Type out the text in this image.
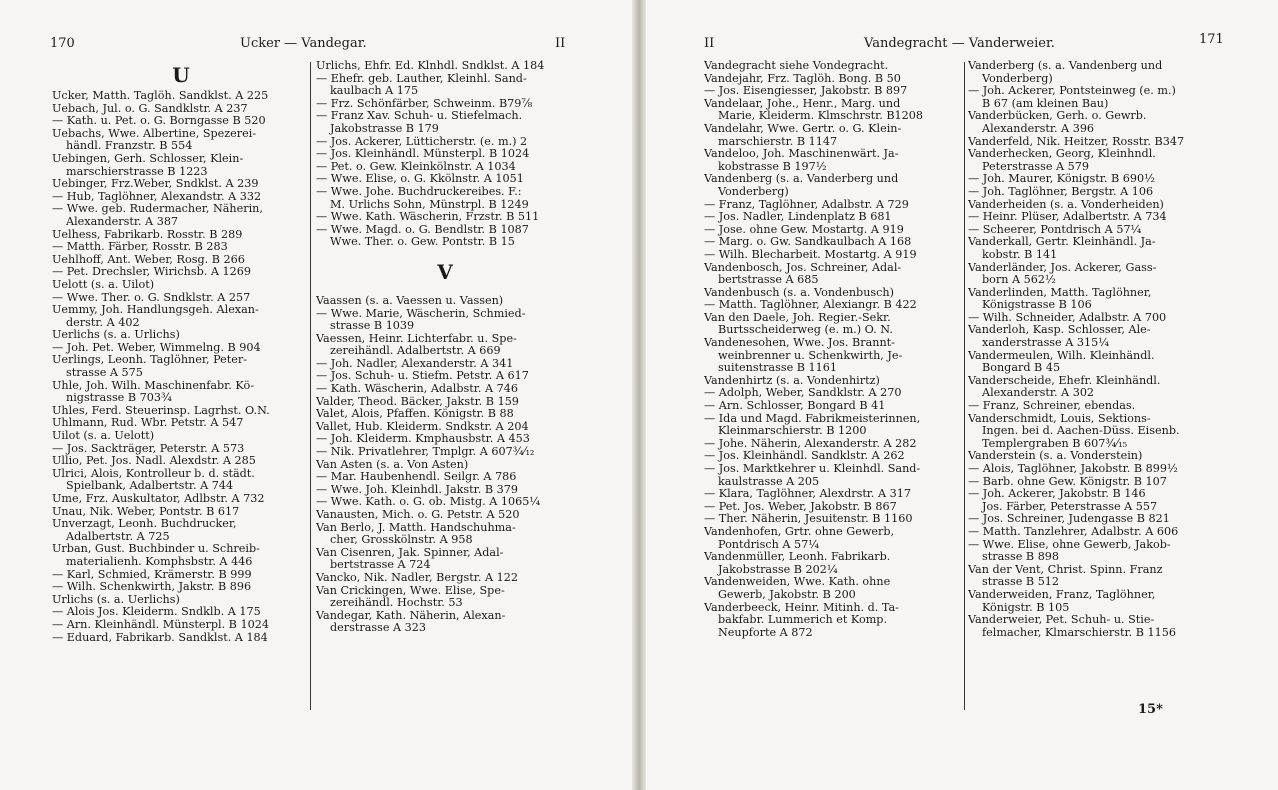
170	Ucker — Vandegar.	II
U
Ucker, Matth. Taglöh. Sandklst. A 225
Uebach, Jul. o. G. Sandklstr. A 237
— Kath. u. Pet. o. G. Borngasse B 520
Uebachs, Wwe. Albertine, Spezerei-
händl. Franzstr. B 554
Uebingen, Gerh. Schlosser, Klein-
marschierstrasse B 1223
Uebinger, Frz.Weber, Sndklst. A 239
— Hub, Taglöhner, Alexandstr. A 332
— Wwe. geb. Rudermacher, Näherin,
Alexanderstr. A 387
Uelhess, Fabrikarb. Rosstr. B 289
— Matth. Färber, Rosstr. B 283
Uehlhoff, Ant. Weber, Rosg. B 266
— Pet. Drechsler, Wirichsb. A 1269
Uelott (s. a. Uilot)
— Wwe. Ther. o. G. Sndklstr. A 257
Uemmy, Joh. Handlungsgeh. Alexan-
derstr. A 402
Uerlichs (s. a. Urlichs)
— Joh. Pet. Weber, Wimmelng. B 904
Uerlings, Leonh. Taglöhner, Peter-
strasse A 575
Uhle, Joh. Wilh. Maschinenfabr. Kö-
nigstrasse B 703¾
Uhles, Ferd. Steuerinsp. Lagrhst. O.N.
Uhlmann, Rud. Wbr. Petstr. A 547
Uilot (s. a. Uelott)
— Jos. Sackträger, Peterstr. A 573
Ullio, Pet. Jos. Nadl. Alexdstr. A 285
Ulrici, Alois, Kontrolleur b. d. städt.
Spielbank, Adalbertstr. A 744
Ume, Frz. Auskultator, Adlbstr. A 732
Unau, Nik. Weber, Pontstr. B 617
Unverzagt, Leonh. Buchdrucker,
Adalbertstr. A 725
Urban, Gust. Buchbinder u. Schreib-
materialienh. Komphsbstr. A 446
— Karl, Schmied, Krämerstr. B 999
— Wilh. Schenkwirth, Jakstr. B 896
Urlichs (s. a. Uerlichs)
— Alois Jos. Kleiderm. Sndklb. A 175
— Arn. Kleinhändl. Münsterpl. B 1024
— Eduard, Fabrikarb. Sandklst. A 184
Urlichs, Ehfr. Ed. Klnhdl. Sndklst. A 184
— Ehefr. geb. Lauther, Kleinhl. Sand-
kaulbach A 175
— Frz. Schönfärber, Schweinm. B79⅞
— Franz Xav. Schuh- u. Stiefelmach.
Jakobstrasse B 179
— Jos. Ackerer, Lütticherstr. (e. m.) 2
— Jos. Kleinhändl. Münsterpl. B 1024
— Pet. o. Gew. Kleinkölnstr. A 1034
— Wwe. Elise, o. G. Kkölnstr. A 1051
— Wwe. Johe. Buchdruckereibes. F.:
M. Urlichs Sohn, Münstrpl. B 1249
— Wwe. Kath. Wäscherin, Frzstr. B 511
— Wwe. Magd. o. G. Bendlstr. B 1087
Wwe. Ther. o. Gew. Pontstr. B 15
V
Vaassen (s. a. Vaessen u. Vassen)
— Wwe. Marie, Wäscherin, Schmied-
strasse B 1039
Vaessen, Heinr. Lichterfabr. u. Spe-
zereihändl. Adalbertstr. A 669
— Joh. Nadler, Alexanderstr. A 341
— Jos. Schuh- u. Stiefm. Petstr. A 617
— Kath. Wäscherin, Adalbstr. A 746
Valder, Theod. Bäcker, Jakstr. B 159
Valet, Alois, Pfaffen. Königstr. B 88
Vallet, Hub. Kleiderm. Sndkstr. A 204
— Joh. Kleiderm. Kmphausbstr. A 453
— Nik. Privatlehrer, Tmplgr. A 607¾⁄₁₂
Van Asten (s. a. Von Asten)
— Mar. Haubenhendl. Seilgr. A 786
— Wwe. Joh. Kleinhdl. Jakstr. B 379
— Wwe. Kath. o. G. ob. Mistg. A 1065¼
Vanausten, Mich. o. G. Petstr. A 520
Van Berlo, J. Matth. Handschuhma-
cher, Grosskölnstr. A 958
Van Cisenren, Jak. Spinner, Adal-
bertstrasse A 724
Vancko, Nik. Nadler, Bergstr. A 122
Van Crickingen, Wwe. Elise, Spe-
zereihändl. Hochstr. 53
Vandegar, Kath. Näherin, Alexan-
derstrasse A 323
II	Vandegracht — Vanderweier.	171
Vandegracht siehe Vondegracht.
Vandejahr, Frz. Taglöh. Bong. B 50
— Jos. Eisengiesser, Jakobstr. B 897
Vandelaar, Johe., Henr., Marg. und
Marie, Kleiderm. Klmschrstr. B1208
Vandelahr, Wwe. Gertr. o. G. Klein-
marschierstr. B 1147
Vandeloo, Joh. Maschinenwärt. Ja-
kobstrasse B 197½
Vandenberg (s. a. Vanderberg und
Vonderberg)
— Franz, Taglöhner, Adalbstr. A 729
— Jos. Nadler, Lindenplatz B 681
— Jose. ohne Gew. Mostartg. A 919
— Marg. o. Gw. Sandkaulbach A 168
— Wilh. Blecharbeit. Mostartg. A 919
Vandenbosch, Jos. Schreiner, Adal-
bertstrasse A 685
Vandenbusch (s. a. Vondenbusch)
— Matth. Taglöhner, Alexiangr. B 422
Van den Daele, Joh. Regier.-Sekr.
Burtsscheiderweg (e. m.) O. N.
Vandenesohen, Wwe. Jos. Brannt-
weinbrenner u. Schenkwirth, Je-
suitenstrasse B 1161
Vandenhirtz (s. a. Vondenhirtz)
— Adolph, Weber, Sandklstr. A 270
— Arn. Schlosser, Bongard B 41
— Ida und Magd. Fabrikmeisterinnen,
Kleinmarschierstr. B 1200
— Johe. Näherin, Alexanderstr. A 282
— Jos. Kleinhändl. Sandklstr. A 262
— Jos. Marktkehrer u. Kleinhdl. Sand-
kaulstrasse A 205
— Klara, Taglöhner, Alexdrstr. A 317
— Pet. Jos. Weber, Jakobstr. B 867
— Ther. Näherin, Jesuitenstr. B 1160
Vandenhofen, Grtr. ohne Gewerb,
Pontdrisch A 57¼
Vandenmüller, Leonh. Fabrikarb.
Jakobstrasse B 202¼
Vandenweiden, Wwe. Kath. ohne
Gewerb, Jakobstr. B 200
Vanderbeeck, Heinr. Mitinh. d. Ta-
bakfabr. Lummerich et Komp.
Neupforte A 872
Vanderberg (s. a. Vandenberg und
Vonderberg)
— Joh. Ackerer, Pontsteinweg (e. m.)
B 67 (am kleinen Bau)
Vanderbücken, Gerh. o. Gewrb.
Alexanderstr. A 396
Vanderfeld, Nik. Heitzer, Rosstr. B347
Vanderhecken, Georg, Kleinhndl.
Peterstrasse A 579
— Joh. Maurer, Königstr. B 690½
— Joh. Taglöhner, Bergstr. A 106
Vanderheiden (s. a. Vonderheiden)
— Heinr. Plüser, Adalbertstr. A 734
— Scheerer, Pontdrisch A 57¼
Vanderkall, Gertr. Kleinhändl. Ja-
kobstr. B 141
Vanderländer, Jos. Ackerer, Gass-
born A 562½
Vanderlinden, Matth. Taglöhner,
Königstrasse B 106
— Wilh. Schneider, Adalbstr. A 700
Vanderloh, Kasp. Schlosser, Ale-
xanderstrasse A 315¼
Vandermeulen, Wilh. Kleinhändl.
Bongard B 45
Vanderscheide, Ehefr. Kleinhändl.
Alexanderstr. A 302
— Franz, Schreiner, ebendas.
Vanderschmidt, Louis, Sektions-
Ingen. bei d. Aachen-Düss. Eisenb.
Templergraben B 607¾⁄₁₅
Vanderstein (s. a. Vonderstein)
— Alois, Taglöhner, Jakobstr. B 899½
— Barb. ohne Gew. Königstr. B 107
— Joh. Ackerer, Jakobstr. B 146
Jos. Färber, Peterstrasse A 557
— Jos. Schreiner, Judengasse B 821
— Matth. Tanzlehrer, Adalbstr. A 606
— Wwe. Elise, ohne Gewerb, Jakob-
strasse B 898
Van der Vent, Christ. Spinn. Franz
strasse B 512
Vanderweiden, Franz, Taglöhner,
Königstr. B 105
Vanderweier, Pet. Schuh- u. Stie-
felmacher, Klmarschierstr. B 1156
15*
